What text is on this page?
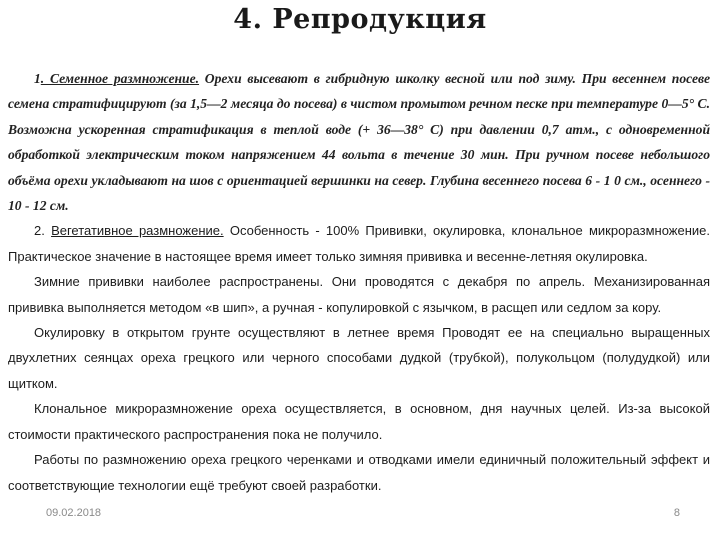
4. Репродукция

1. Семенное размножение. Орехи высевают в гибридную школку весной или под зиму. При весеннем посеве семена стратифицируют (за 1,5—2 месяца до посева) в чистом промытом речном песке при температуре 0—5° С. Возможна ускоренная стратификация в теплой воде (+ 36—38° С) при давлении 0,7 атм., с одновременной обработкой электрическим током напряжением 44 вольта в течение 30 мин. При ручном посеве небольшого объёма орехи укладывают на шов с ориентацией вершинки на север. Глубина весеннего посева 6 - 1 0 см., осеннего - 10 - 12 см.

2. Вегетативное размножение. Особенность - 100% Прививки, окулировка, клональное микроразмножение. Практическое значение в настоящее время имеет только зимняя прививка и весенне-летняя окулировка.

Зимние прививки наиболее распространены. Они проводятся с декабря по апрель. Механизированная прививка выполняется методом «в шип», а ручная - копулировкой с язычком, в расщеп или седлом за кору.

Окулировку в открытом грунте осуществляют в летнее время Проводят ее на специально выращенных двухлетних сеянцах ореха грецкого или черного способами дудкой (трубкой), полукольцом (полудудкой) или щитком.

Клональное микроразмножение ореха осуществляется, в основном, дня научных целей. Из-за высокой стоимости практического распространения пока не получило.

Работы по размножению ореха грецкого черенками и отводками имели единичный положительный эффект и соответствующие технологии ещё требуют своей разработки.

09.02.2018	8
